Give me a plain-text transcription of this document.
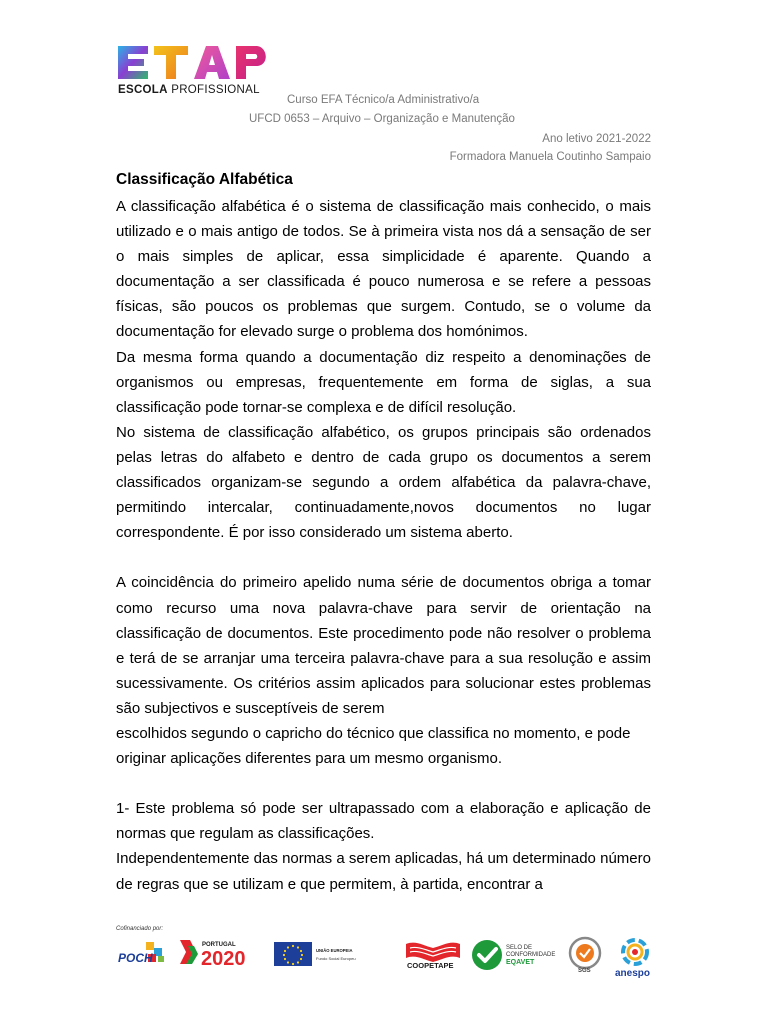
ESCOLA PROFISSIONAL
Curso EFA Técnico/a Administrativo/a
UFCD 0653 – Arquivo – Organização e Manutenção
Ano letivo 2021-2022
Formadora Manuela Coutinho Sampaio
Classificação Alfabética

A classificação alfabética é o sistema de classificação mais conhecido, o mais utilizado e o mais antigo de todos. Se à primeira vista nos dá a sensação de ser o mais simples de aplicar, essa simplicidade é aparente. Quando a documentação a ser classificada é pouco numerosa e se refere a pessoas físicas, são poucos os problemas que surgem. Contudo, se o volume da documentação for elevado surge o problema dos homónimos.

Da mesma forma quando a documentação diz respeito a denominações de organismos ou empresas, frequentemente em forma de siglas, a sua classificação pode tornar-se complexa e de difícil resolução.

No sistema de classificação alfabético, os grupos principais são ordenados pelas letras do alfabeto e dentro de cada grupo os documentos a serem classificados organizam-se segundo a ordem alfabética da palavra-chave, permitindo intercalar, continuadamente,novos documentos no lugar correspondente. É por isso considerado um sistema aberto.

A coincidência do primeiro apelido numa série de documentos obriga a tomar como recurso uma nova palavra-chave para servir de orientação na classificação de documentos. Este procedimento pode não resolver o problema e terá de se arranjar uma terceira palavra-chave para a sua resolução e assim sucessivamente. Os critérios assim aplicados para solucionar estes problemas são subjectivos e susceptíveis de serem
escolhidos segundo o capricho do técnico que classifica no momento, e pode originar aplicações diferentes para um mesmo organismo.

1- Este problema só pode ser ultrapassado com a elaboração e aplicação de normas que regulam as classificações.

Independentemente das normas a serem aplicadas, há um determinado número de regras que se utilizam e que permitem, à partida, encontrar a

Cofinanciado por:
POCH
PORTUGAL
2020	UNIÃO EUROPEIA
Fundo Social Europeu
COOPETAPE
SELO DE
CONFORMIDADE
EQAVET
SGS anespo
